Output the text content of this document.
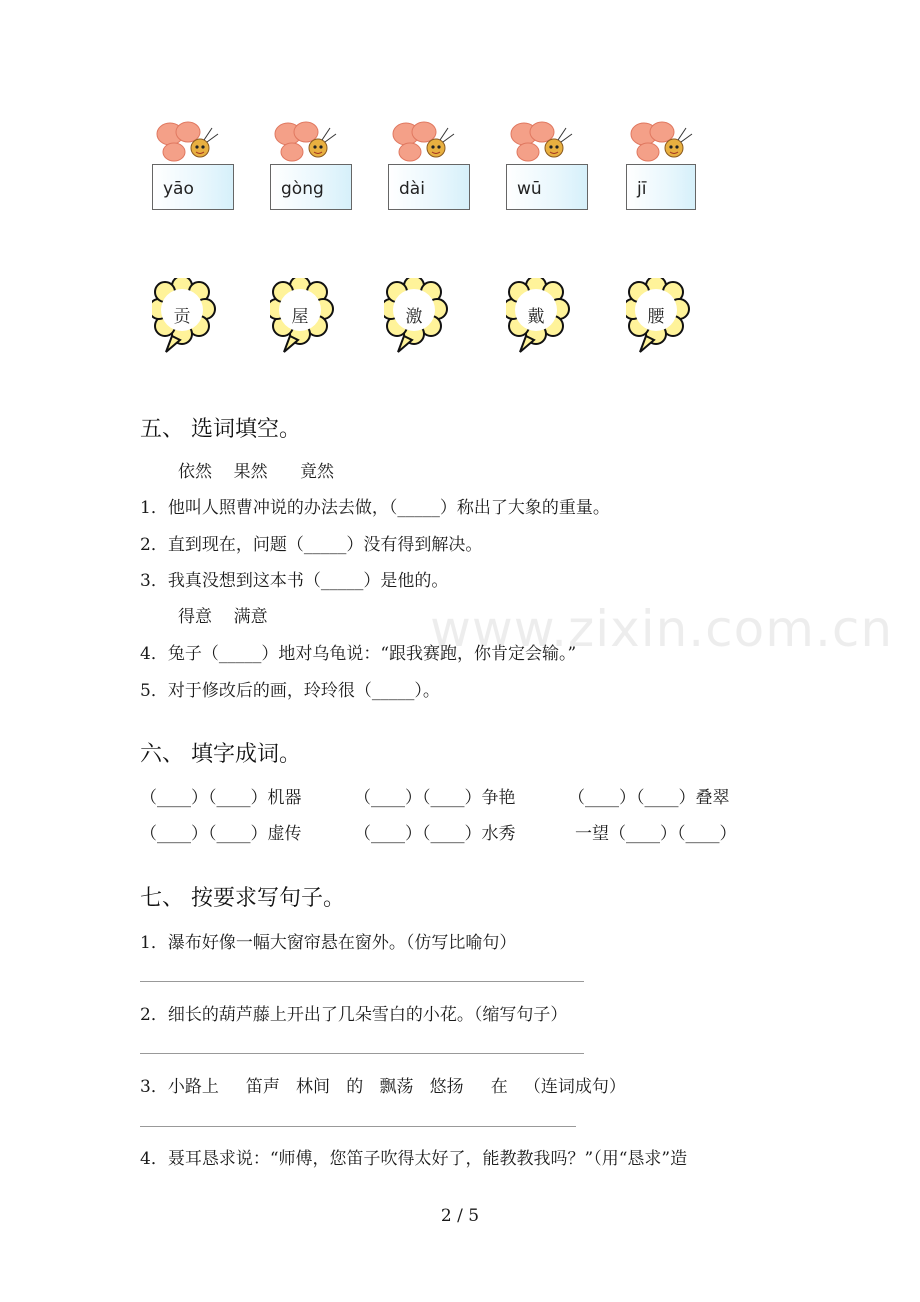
www.zixin.com.cn
yāo	gòng	dài	wū	jī
贡	屋	激	戴	腰
五、 选词填空。
依然    果然      竟然
1．他叫人照曹冲说的办法去做，（_____）称出了大象的重量。
2．直到现在，问题（_____）没有得到解决。
3．我真没想到这本书（_____）是他的。
得意    满意
4．兔子（_____）地对乌龟说：“跟我赛跑，你肯定会输。”
5．对于修改后的画，玲玲很（_____）。
六、 填字成词。
（____）（____）机器	（____）（____）争艳	（____）（____）叠翠
（____）（____）虚传	（____）（____）水秀	一望（____）（____）
七、 按要求写句子。
1．瀑布好像一幅大窗帘悬在窗外。（仿写比喻句）
2．细长的葫芦藤上开出了几朵雪白的小花。（缩写句子）
3．小路上     笛声   林间   的   飘荡   悠扬     在   （连词成句）
4．聂耳恳求说：“师傅，您笛子吹得太好了，能教教我吗？”（用“恳求”造
2 / 5
